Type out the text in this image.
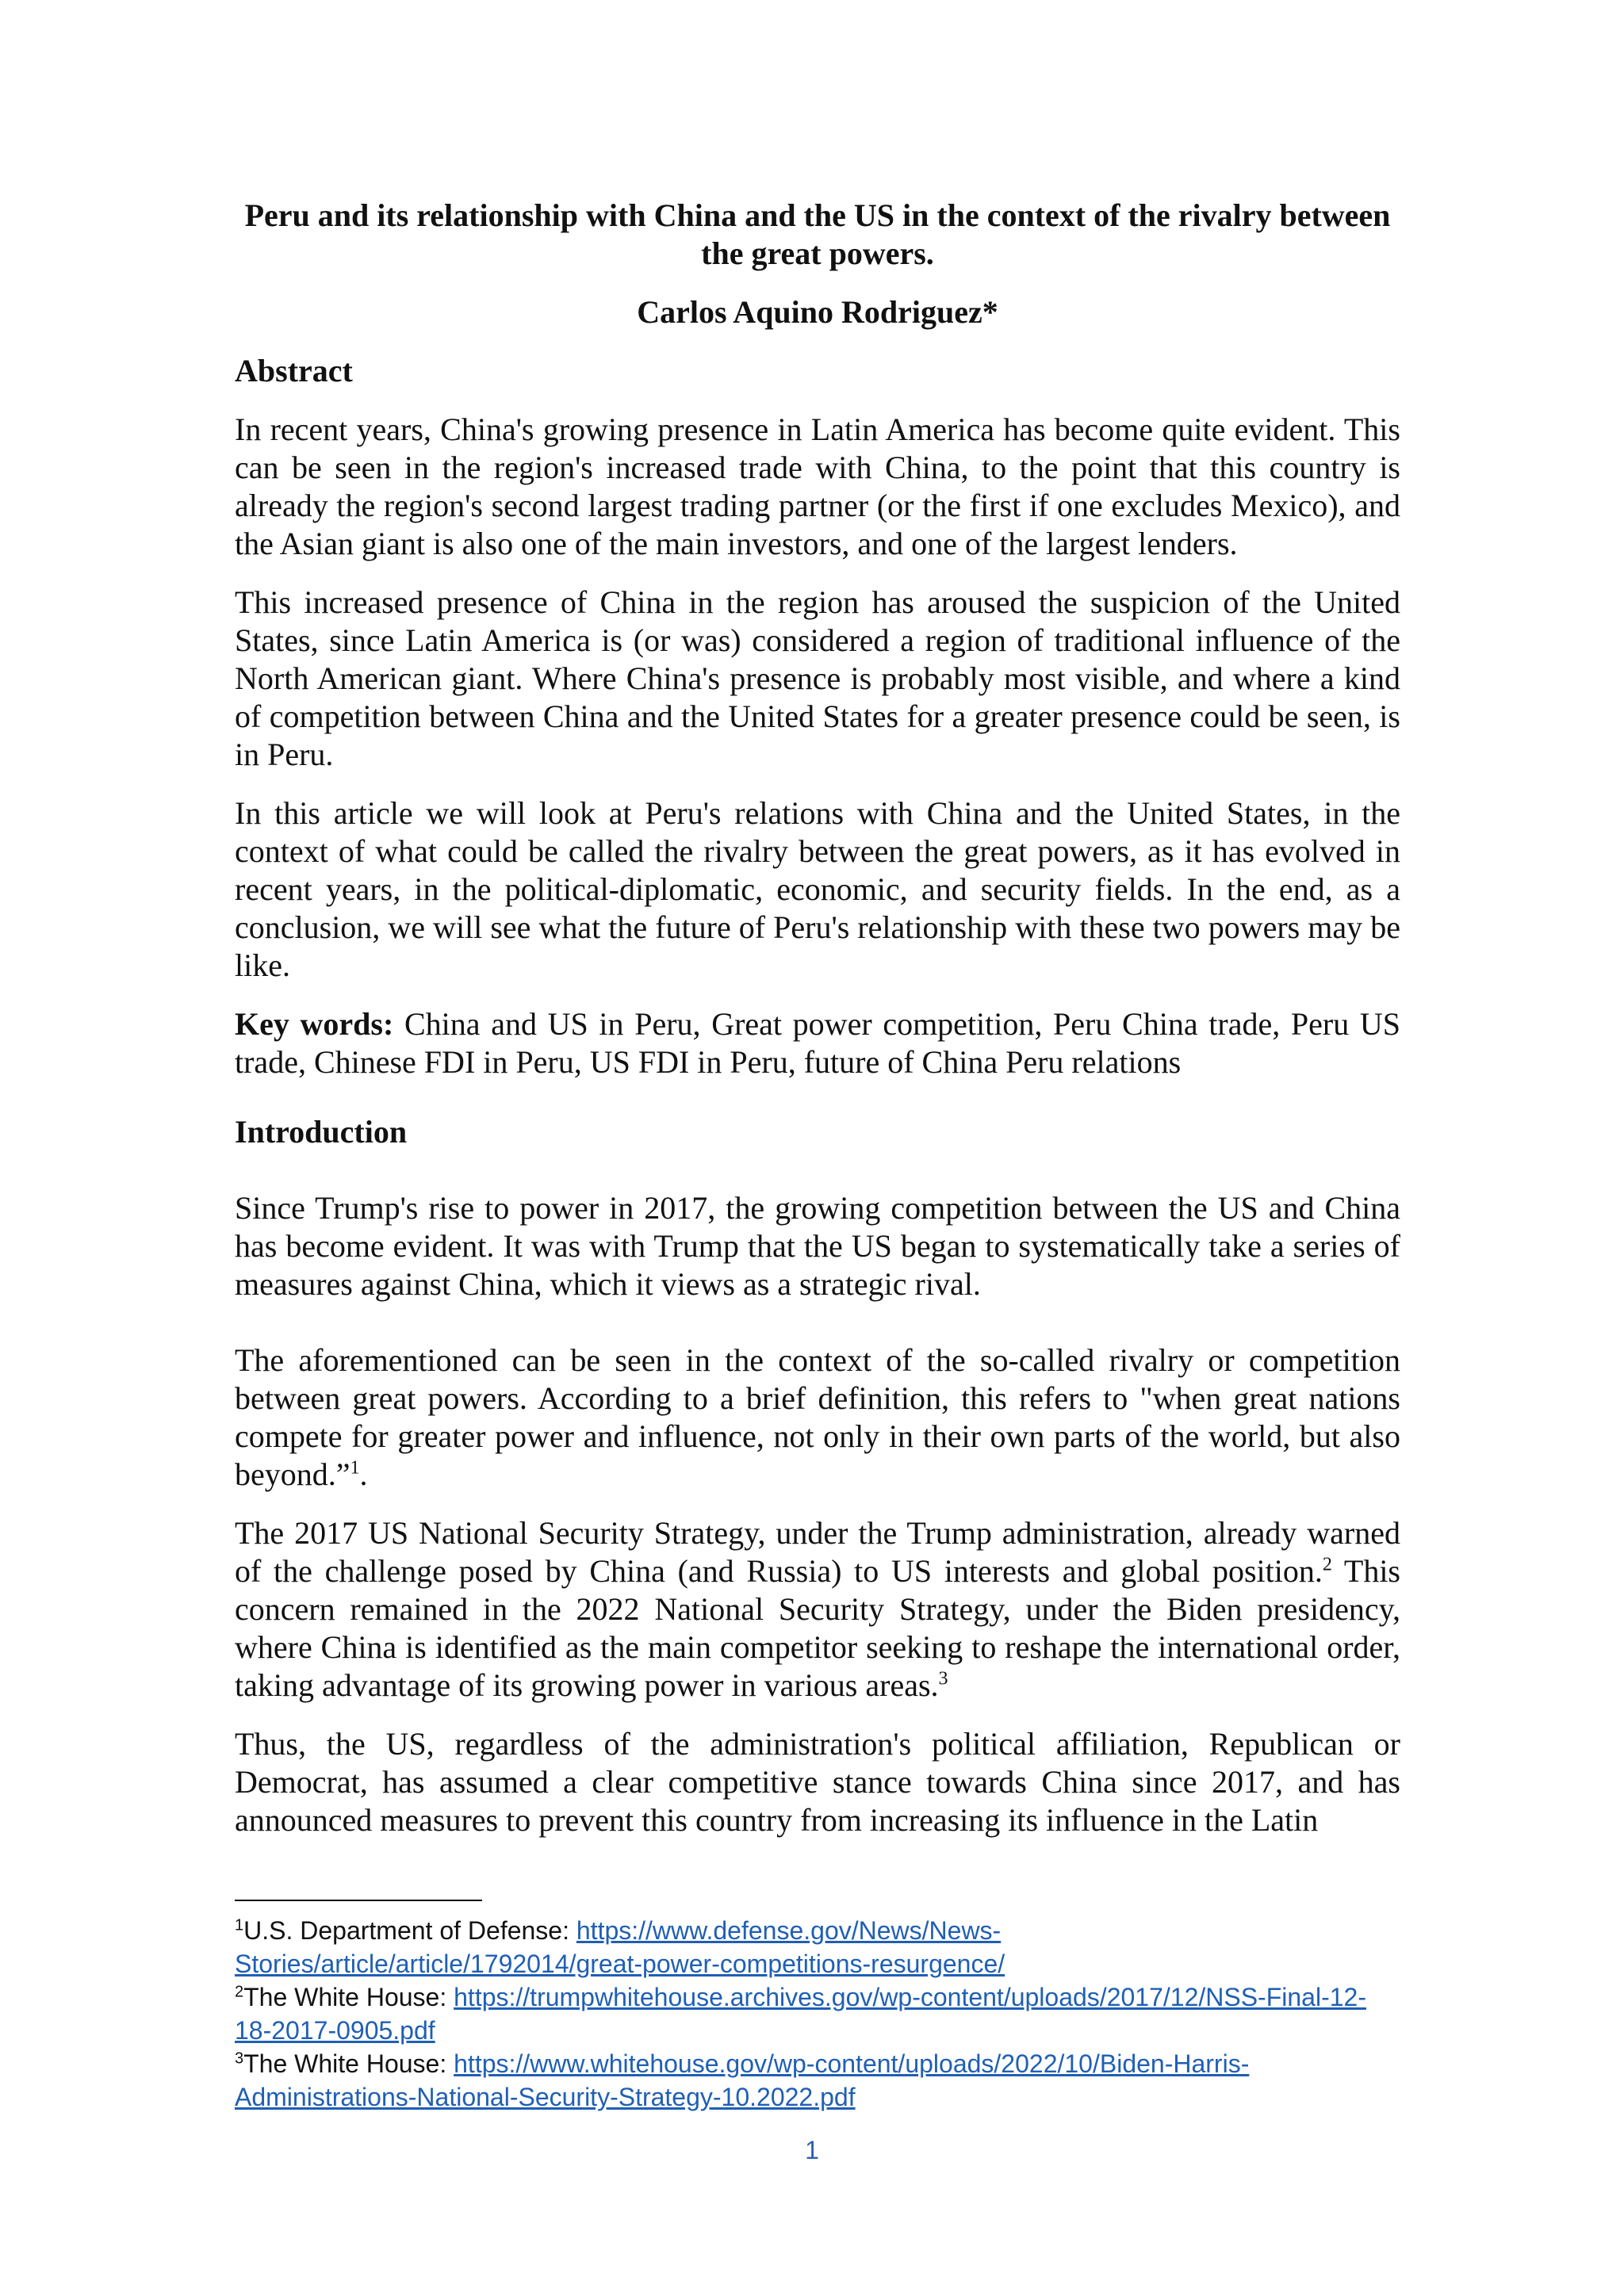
Peru and its relationship with China and the US in the context of the rivalry between the great powers.
Carlos Aquino Rodriguez*
Abstract

In recent years, China's growing presence in Latin America has become quite evident. This can be seen in the region's increased trade with China, to the point that this country is already the region's second largest trading partner (or the first if one excludes Mexico), and the Asian giant is also one of the main investors, and one of the largest lenders.

This increased presence of China in the region has aroused the suspicion of the United States, since Latin America is (or was) considered a region of traditional influence of the North American giant. Where China's presence is probably most visible, and where a kind of competition between China and the United States for a greater presence could be seen, is in Peru.

In this article we will look at Peru's relations with China and the United States, in the context of what could be called the rivalry between the great powers, as it has evolved in recent years, in the political-diplomatic, economic, and security fields. In the end, as a conclusion, we will see what the future of Peru's relationship with these two powers may be like.

Key words: China and US in Peru, Great power competition, Peru China trade, Peru US trade, Chinese FDI in Peru, US FDI in Peru, future of China Peru relations

Introduction

Since Trump's rise to power in 2017, the growing competition between the US and China has become evident. It was with Trump that the US began to systematically take a series of measures against China, which it views as a strategic rival.

The aforementioned can be seen in the context of the so-called rivalry or competition between great powers. According to a brief definition, this refers to "when great nations compete for greater power and influence, not only in their own parts of the world, but also beyond.”$^1$.

The 2017 US National Security Strategy, under the Trump administration, already warned of the challenge posed by China (and Russia) to US interests and global position.$^2$ This concern remained in the 2022 National Security Strategy, under the Biden presidency, where China is identified as the main competitor seeking to reshape the international order, taking advantage of its growing power in various areas.$^3$

Thus, the US, regardless of the administration's political affiliation, Republican or Democrat, has assumed a clear competitive stance towards China since 2017, and has announced measures to prevent this country from increasing its influence in the Latin

$^1$U.S. Department of Defense: https://www.defense.gov/News/News-Stories/article/article/1792014/great-power-competitions-resurgence/
$^2$The White House: https://trumpwhitehouse.archives.gov/wp-content/uploads/2017/12/NSS-Final-12-18-2017-0905.pdf
$^3$The White House: https://www.whitehouse.gov/wp-content/uploads/2022/10/Biden-Harris-Administrations-National-Security-Strategy-10.2022.pdf
1
